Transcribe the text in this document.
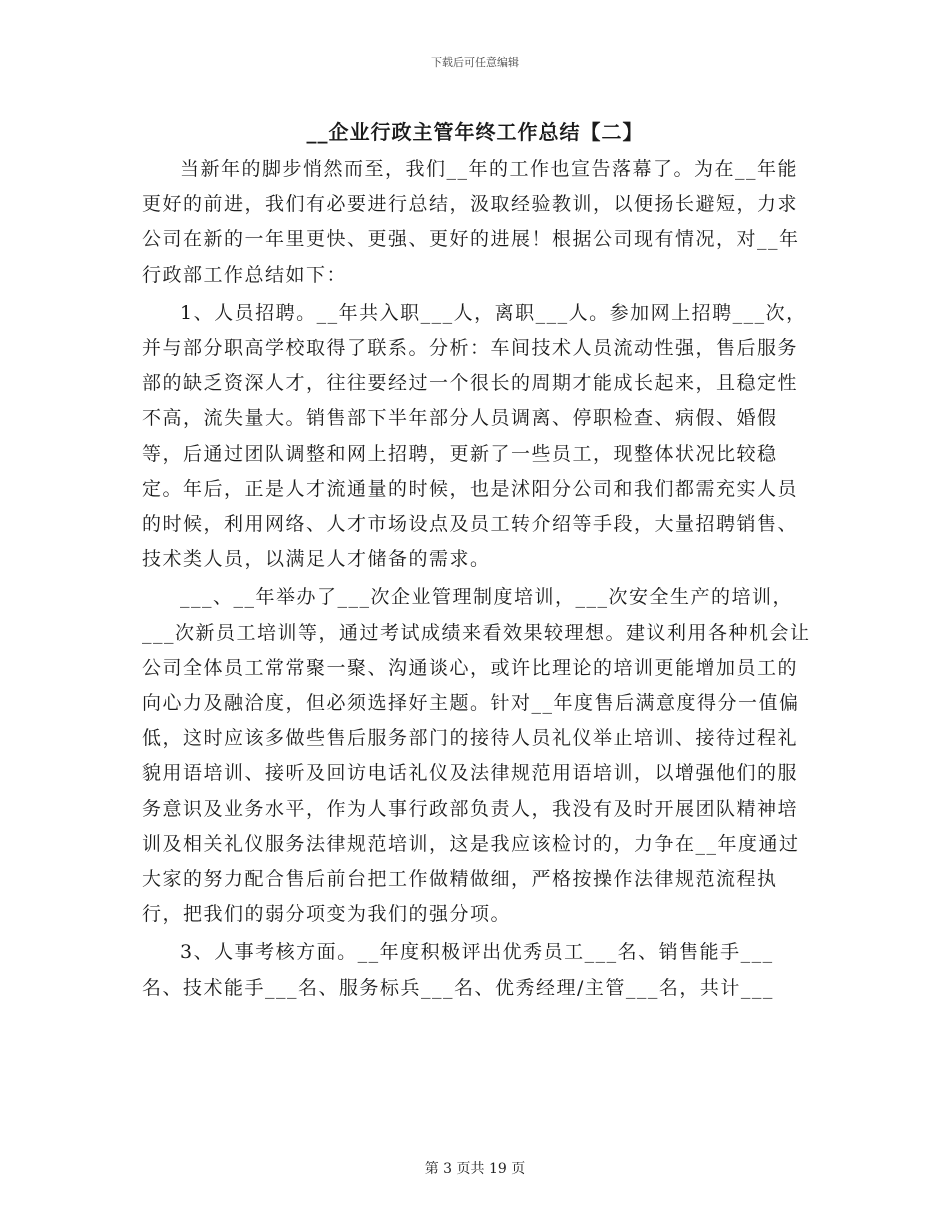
下载后可任意编辑
__企业行政主管年终工作总结【二】

当新年的脚步悄然而至，我们__年的工作也宣告落幕了。为在__年能更好的前进，我们有必要进行总结，汲取经验教训，以便扬长避短，力求公司在新的一年里更快、更强、更好的进展！根据公司现有情况，对__年行政部工作总结如下：

1、人员招聘。__年共入职___人，离职___人。参加网上招聘___次，并与部分职高学校取得了联系。分析：车间技术人员流动性强，售后服务部的缺乏资深人才，往往要经过一个很长的周期才能成长起来，且稳定性不高，流失量大。销售部下半年部分人员调离、停职检查、病假、婚假等，后通过团队调整和网上招聘，更新了一些员工，现整体状况比较稳定。年后，正是人才流通量的时候，也是沭阳分公司和我们都需充实人员的时候，利用网络、人才市场设点及员工转介绍等手段，大量招聘销售、技术类人员，以满足人才储备的需求。

___、__年举办了___次企业管理制度培训，___次安全生产的培训，___次新员工培训等，通过考试成绩来看效果较理想。建议利用各种机会让公司全体员工常常聚一聚、沟通谈心，或许比理论的培训更能增加员工的向心力及融洽度，但必须选择好主题。针对__年度售后满意度得分一值偏低，这时应该多做些售后服务部门的接待人员礼仪举止培训、接待过程礼貌用语培训、接听及回访电话礼仪及法律规范用语培训，以增强他们的服务意识及业务水平，作为人事行政部负责人，我没有及时开展团队精神培训及相关礼仪服务法律规范培训，这是我应该检讨的，力争在__年度通过大家的努力配合售后前台把工作做精做细，严格按操作法律规范流程执行，把我们的弱分项变为我们的强分项。

3、人事考核方面。__年度积极评出优秀员工___名、销售能手___名、技术能手___名、服务标兵___名、优秀经理/主管___名，共计___

第 3 页共 19 页
